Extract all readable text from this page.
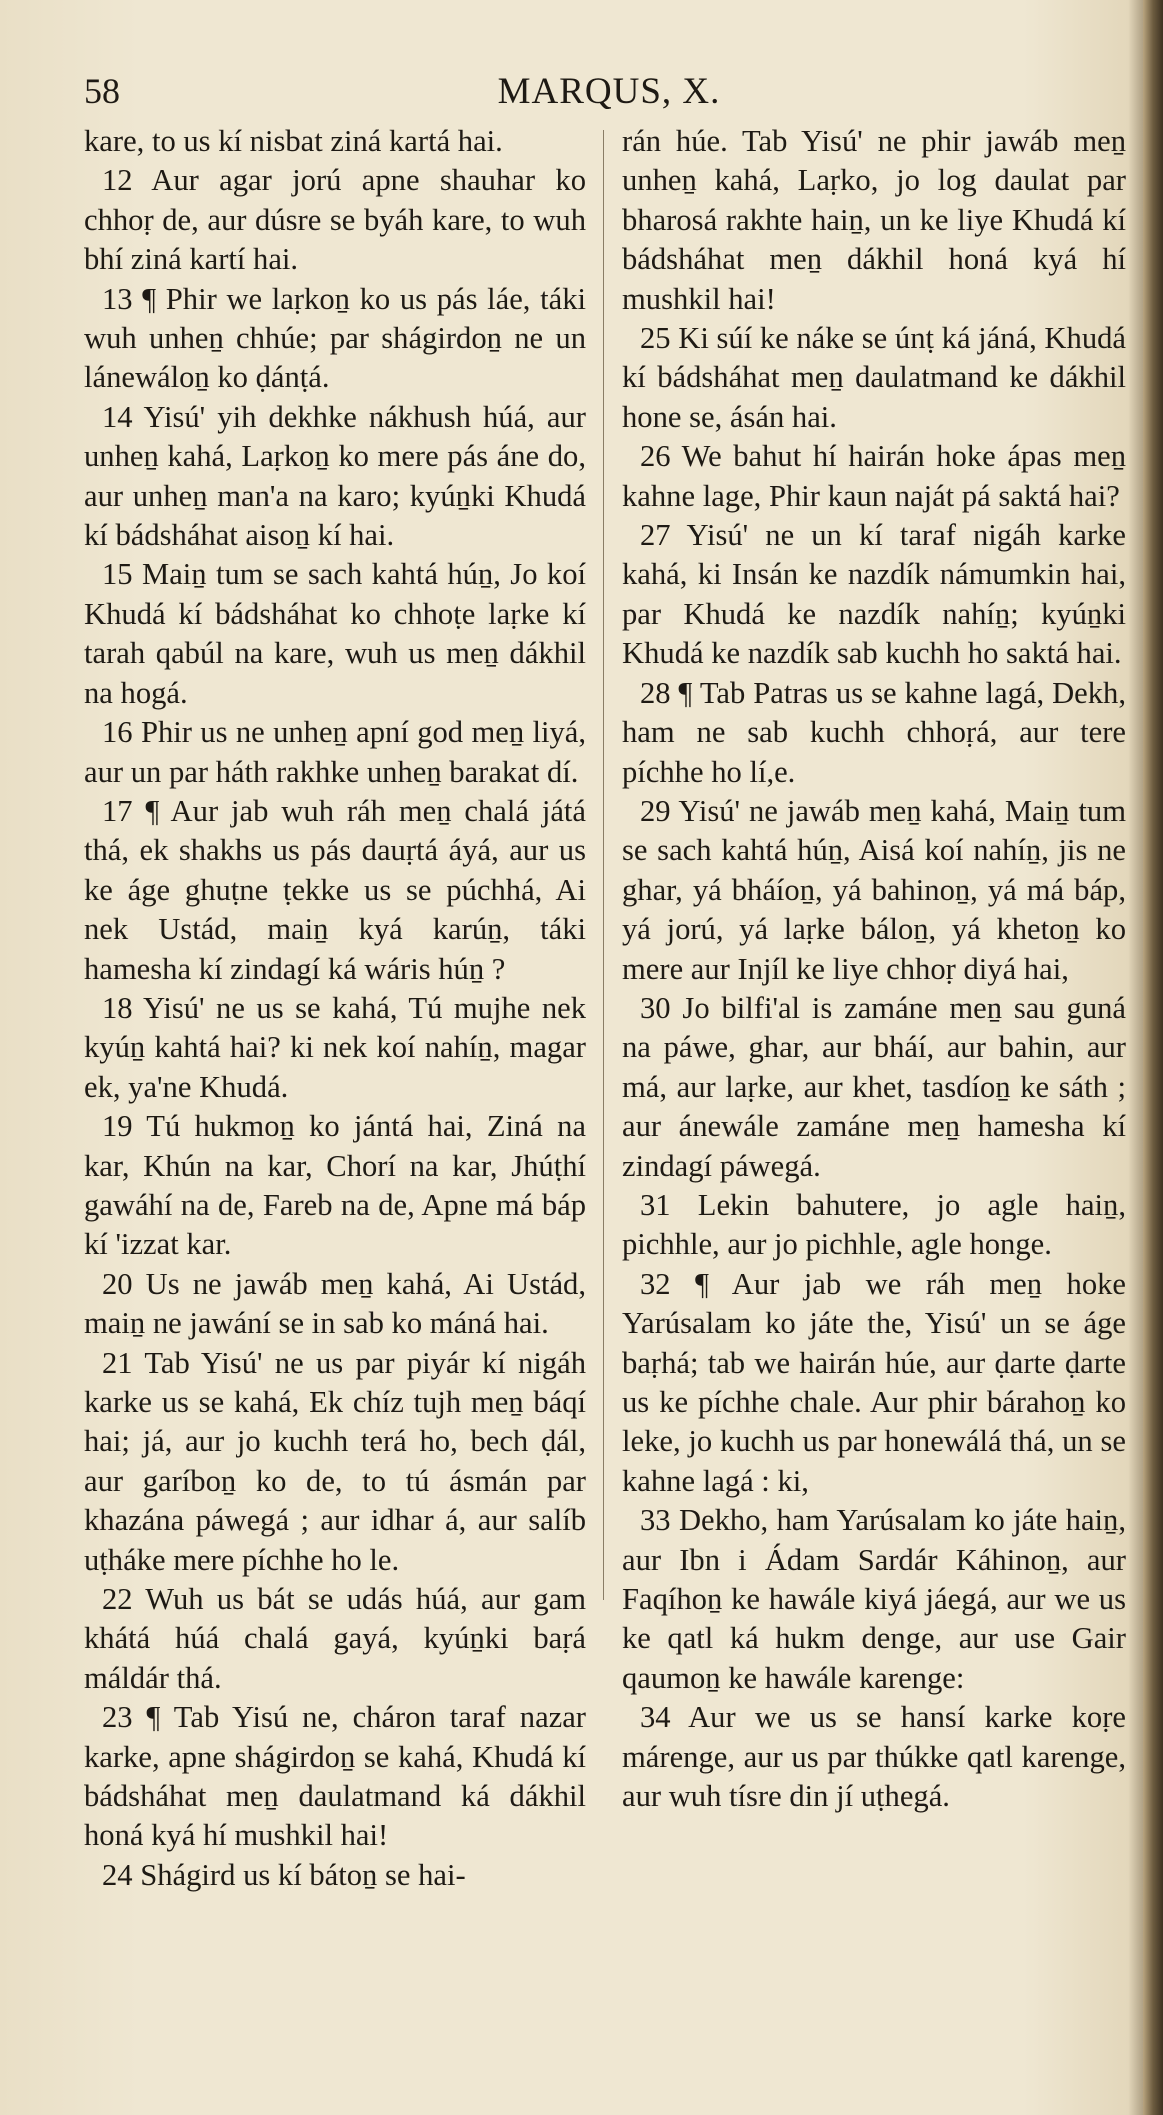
58	MARQUS, X.

kare, to us kí nisbat ziná kartá hai.

12 Aur agar jorú apne shauhar ko chhoṛ de, aur dúsre se byáh kare, to wuh bhí ziná kartí hai.

13 ¶ Phir we laṛkoṉ ko us pás láe, táki wuh unheṉ chhúe; par shágirdoṉ ne un lánewáloṉ ko ḍánṭá.

14 Yisú' yih dekhke nákhush húá, aur unheṉ kahá, Laṛkoṉ ko mere pás áne do, aur unheṉ man'a na karo; kyúṉki Khudá kí bádsháhat aisoṉ kí hai.

15 Maiṉ tum se sach kahtá húṉ, Jo koí Khudá kí bádsháhat ko chhoṭe laṛke kí tarah qabúl na kare, wuh us meṉ dákhil na hogá.

16 Phir us ne unheṉ apní god meṉ liyá, aur un par háth rakhke unheṉ barakat dí.

17 ¶ Aur jab wuh ráh meṉ chalá játá thá, ek shakhs us pás dauṛtá áyá, aur us ke áge ghuṭne ṭekke us se púchhá, Ai nek Ustád, maiṉ kyá karúṉ, táki hamesha kí zindagí ká wáris húṉ ?

18 Yisú' ne us se kahá, Tú mujhe nek kyúṉ kahtá hai? ki nek koí nahíṉ, magar ek, ya'ne Khudá.

19 Tú hukmoṉ ko jántá hai, Ziná na kar, Khún na kar, Chorí na kar, Jhúṭhí gawáhí na de, Fareb na de, Apne má báp kí 'izzat kar.

20 Us ne jawáb meṉ kahá, Ai Ustád, maiṉ ne jawání se in sab ko máná hai.

21 Tab Yisú' ne us par piyár kí nigáh karke us se kahá, Ek chíz tujh meṉ báqí hai; já, aur jo kuchh terá ho, bech ḍál, aur garíboṉ ko de, to tú ásmán par khazána páwegá ; aur idhar á, aur salíb uṭháke mere píchhe ho le.

22 Wuh us bát se udás húá, aur gam khátá húá chalá gayá, kyúṉki baṛá máldár thá.

23 ¶ Tab Yisú ne, cháron taraf nazar karke, apne shágirdoṉ se kahá, Khudá kí bádsháhat meṉ daulatmand ká dákhil honá kyá hí mushkil hai!

24 Shágird us kí bátoṉ se hai-

rán húe. Tab Yisú' ne phir jawáb meṉ unheṉ kahá, Laṛko, jo log daulat par bharosá rakhte haiṉ, un ke liye Khudá kí bádsháhat meṉ dákhil honá kyá hí mushkil hai!

25 Ki súí ke náke se únṭ ká jáná, Khudá kí bádsháhat meṉ daulatmand ke dákhil hone se, ásán hai.

26 We bahut hí hairán hoke ápas meṉ kahne lage, Phir kaun naját pá saktá hai?

27 Yisú' ne un kí taraf nigáh karke kahá, ki Insán ke nazdík námumkin hai, par Khudá ke nazdík nahíṉ; kyúṉki Khudá ke nazdík sab kuchh ho saktá hai.

28 ¶ Tab Patras us se kahne lagá, Dekh, ham ne sab kuchh chhoṛá, aur tere píchhe ho lí,e.

29 Yisú' ne jawáb meṉ kahá, Maiṉ tum se sach kahtá húṉ, Aisá koí nahíṉ, jis ne ghar, yá bháíoṉ, yá bahinoṉ, yá má báp, yá jorú, yá laṛke báloṉ, yá khetoṉ ko mere aur Injíl ke liye chhoṛ diyá hai,

30 Jo bilfi'al is zamáne meṉ sau guná na páwe, ghar, aur bháí, aur bahin, aur má, aur laṛke, aur khet, tasdíoṉ ke sáth ; aur ánewále zamáne meṉ hamesha kí zindagí páwegá.

31 Lekin bahutere, jo agle haiṉ, pichhle, aur jo pichhle, agle honge.

32 ¶ Aur jab we ráh meṉ hoke Yarúsalam ko játe the, Yisú' un se áge baṛhá; tab we hairán húe, aur ḍarte ḍarte us ke píchhe chale. Aur phir bárahoṉ ko leke, jo kuchh us par honewálá thá, un se kahne lagá : ki,

33 Dekho, ham Yarúsalam ko játe haiṉ, aur Ibn i Ádam Sardár Káhinoṉ, aur Faqíhoṉ ke hawále kiyá jáegá, aur we us ke qatl ká hukm denge, aur use Gair qaumoṉ ke hawále karenge:

34 Aur we us se hansí karke koṛe márenge, aur us par thúkke qatl karenge, aur wuh tísre din jí uṭhegá.
